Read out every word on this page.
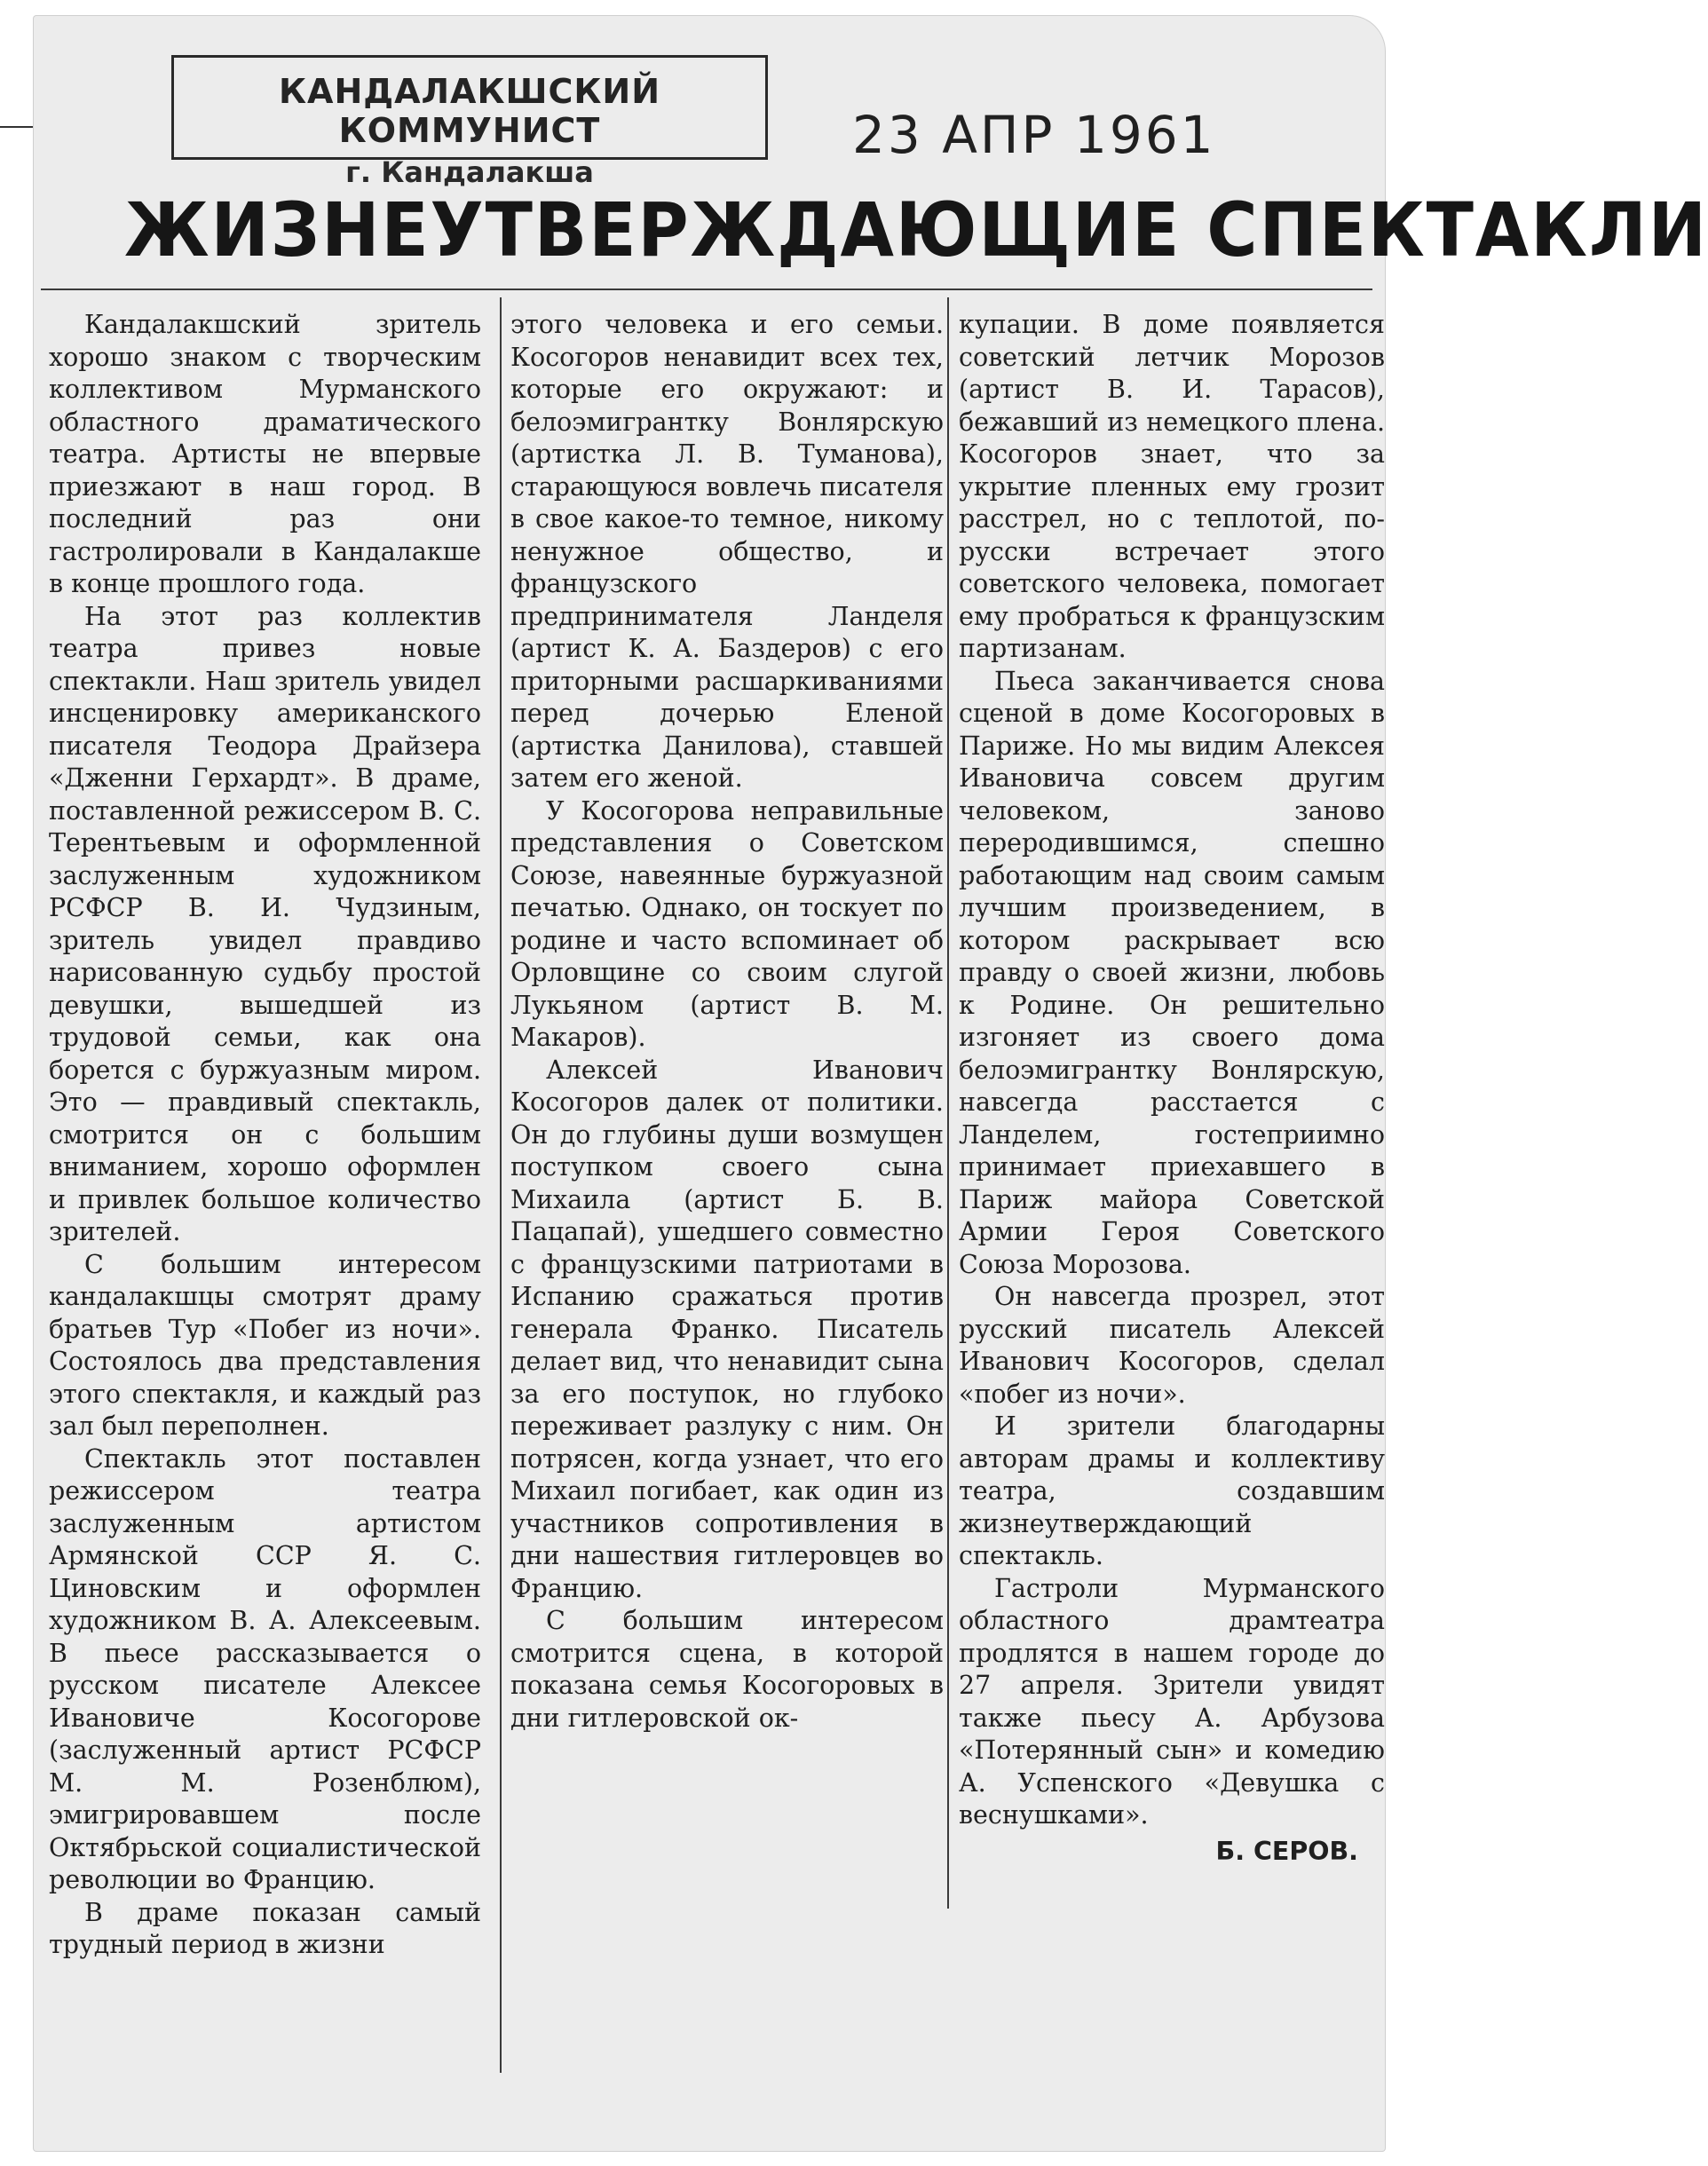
КАНДАЛАКШСКИЙ КОММУНИСТ
г. Кандалакша
23 АПР 1961
ЖИЗНЕУТВЕРЖДАЮЩИЕ СПЕКТАКЛИ

Кандалакшский зритель хорошо знаком с творческим коллективом Мурманского областного драматического театра. Артисты не впервые приезжают в наш город. В последний раз они гастролировали в Кандалакше в конце прошлого года.

На этот раз коллектив театра привез новые спектакли. Наш зритель увидел инсценировку американского писателя Теодора Драйзера «Дженни Герхардт». В драме, поставленной режиссером В. С. Терентьевым и оформленной заслуженным художником РСФСР В. И. Чудзиным, зритель увидел правдиво нарисованную судьбу простой девушки, вышедшей из трудовой семьи, как она борется с буржуазным миром. Это — правдивый спектакль, смотрится он с большим вниманием, хорошо оформлен и привлек большое количество зрителей.

С большим интересом кандалакшцы смотрят драму братьев Тур «Побег из ночи». Состоялось два представления этого спектакля, и каждый раз зал был переполнен.

Спектакль этот поставлен режиссером театра заслуженным артистом Армянской ССР Я. С. Циновским и оформлен художником В. А. Алексеевым. В пьесе рассказывается о русском писателе Алексее Ивановиче Косогорове (заслуженный артист РСФСР М. М. Розенблюм), эмигрировавшем после Октябрьской социалистической революции во Францию.

В драме показан самый трудный период в жизни

этого человека и его семьи. Косогоров ненавидит всех тех, которые его окружают: и белоэмигрантку Вонлярскую (артистка Л. В. Туманова), старающуюся вовлечь писателя в свое какое-то темное, никому ненужное общество, и французского предпринимателя Ланделя (артист К. А. Баздеров) с его приторными расшаркиваниями перед дочерью Еленой (артистка Данилова), ставшей затем его женой.

У Косогорова неправильные представления о Советском Союзе, навеянные буржуазной печатью. Однако, он тоскует по родине и часто вспоминает об Орловщине со своим слугой Лукьяном (артист В. М. Макаров).

Алексей Иванович Косогоров далек от политики. Он до глубины души возмущен поступком своего сына Михаила (артист Б. В. Пацапай), ушедшего совместно с французскими патриотами в Испанию сражаться против генерала Франко. Писатель делает вид, что ненавидит сына за его поступок, но глубоко переживает разлуку с ним. Он потрясен, когда узнает, что его Михаил погибает, как один из участников сопротивления в дни нашествия гитлеровцев во Францию.

С большим интересом смотрится сцена, в которой показана семья Косогоровых в дни гитлеровской ок-

купации. В доме появляется советский летчик Морозов (артист В. И. Тарасов), бежавший из немецкого плена. Косогоров знает, что за укрытие пленных ему грозит расстрел, но с теплотой, по-русски встречает этого советского человека, помогает ему пробраться к французским партизанам.

Пьеса заканчивается снова сценой в доме Косогоровых в Париже. Но мы видим Алексея Ивановича совсем другим человеком, заново переродившимся, спешно работающим над своим самым лучшим произведением, в котором раскрывает всю правду о своей жизни, любовь к Родине. Он решительно изгоняет из своего дома белоэмигрантку Вонлярскую, навсегда расстается с Ланделем, гостеприимно принимает приехавшего в Париж майора Советской Армии Героя Советского Союза Морозова.

Он навсегда прозрел, этот русский писатель Алексей Иванович Косогоров, сделал «побег из ночи».

И зрители благодарны авторам драмы и коллективу театра, создавшим жизнеутверждающий спектакль.

Гастроли Мурманского областного драмтеатра продлятся в нашем городе до 27 апреля. Зрители увидят также пьесу А. Арбузова «Потерянный сын» и комедию А. Успенского «Девушка с веснушками».

Б. СЕРОВ.
